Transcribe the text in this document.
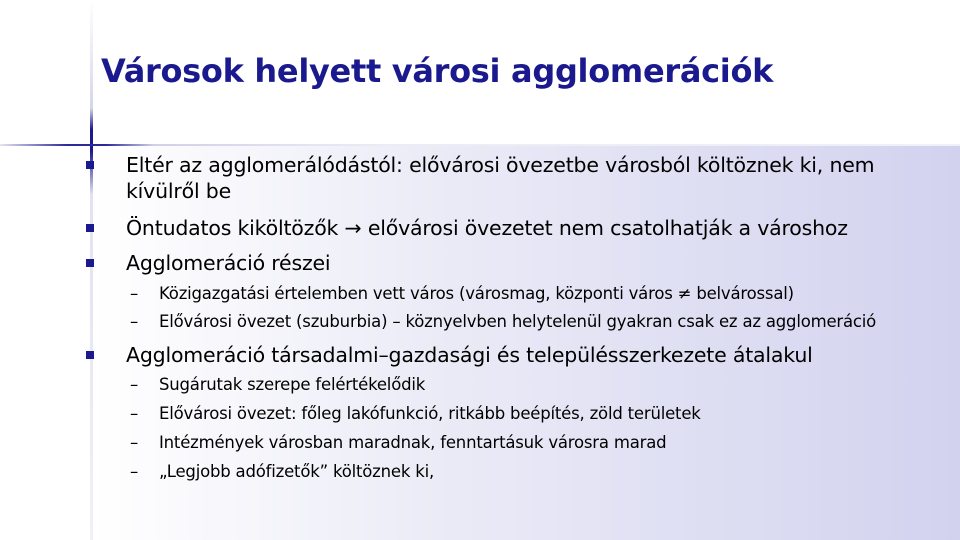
Városok helyett városi agglomerációk
Eltér az agglomerálódástól: elővárosi övezetbe városból költöznek ki, nem kívülről be
Öntudatos kiköltözők → elővárosi övezetet nem csatolhatják a városhoz
Agglomeráció részei
– Közigazgatási értelemben vett város (városmag, központi város ≠ belvárossal)
– Elővárosi övezet (szuburbia) – köznyelvben helytelenül gyakran csak ez az agglomeráció
Agglomeráció társadalmi–gazdasági és településszerkezete átalakul
– Sugárutak szerepe felértékelődik
– Elővárosi övezet: főleg lakófunkció, ritkább beépítés, zöld területek
– Intézmények városban maradnak, fenntartásuk városra marad
– „Legjobb adófizetők” költöznek ki,
